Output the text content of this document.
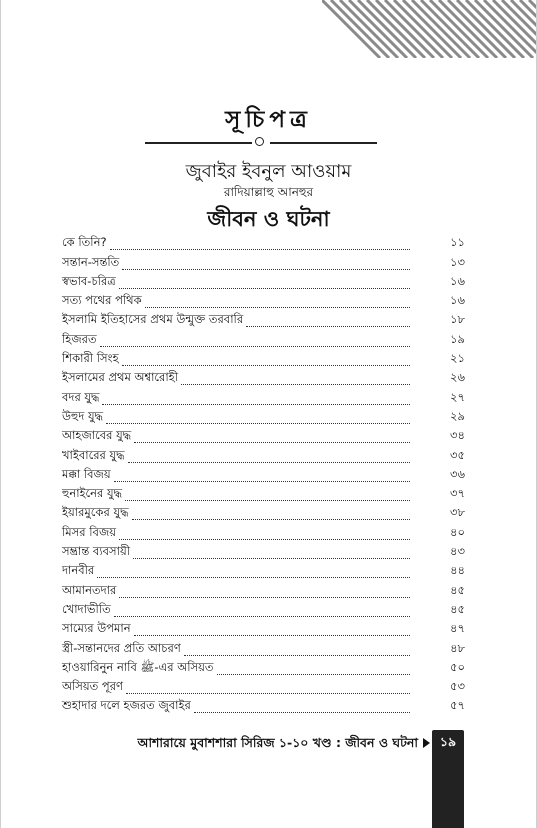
সূচিপত্র

জুবাইর ইবনুল আওয়াম

রাদিয়াল্লাহু আনহুর

জীবন ও ঘটনা
কে তিনি?	১১
সন্তান-সন্ততি	১৩
স্বভাব-চরিত্র	১৬
সত্য পথের পথিক	১৬
ইসলামি ইতিহাসের প্রথম উন্মুক্ত তরবারি	১৮
হিজরত	১৯
শিকারী সিংহ	২১
ইসলামের প্রথম অশ্বারোহী	২৬
বদর যুদ্ধ	২৭
উহুদ যুদ্ধ	২৯
আহজাবের যুদ্ধ	৩৪
খাইবারের যুদ্ধ	৩৫
মক্কা বিজয়	৩৬
হুনাইনের যুদ্ধ	৩৭
ইয়ারমুকের যুদ্ধ	৩৮
মিসর বিজয়	৪০
সম্ভ্রান্ত ব্যবসায়ী	৪৩
দানবীর	৪৪
আমানতদার	৪৫
খোদাভীতি	৪৫
সাম্যের উপমান	৪৭
স্ত্রী-সন্তানদের প্রতি আচরণ	৪৮
হাওয়ারিনুন নাবি ﷺ-এর অসিয়ত	৫০
অসিয়ত পূরণ	৫৩
শুহাদার দলে হজরত জুবাইর	৫৭
আশারায়ে মুবাশশারা সিরিজ ১-১০ খণ্ড : জীবন ও ঘটনা	১৯
